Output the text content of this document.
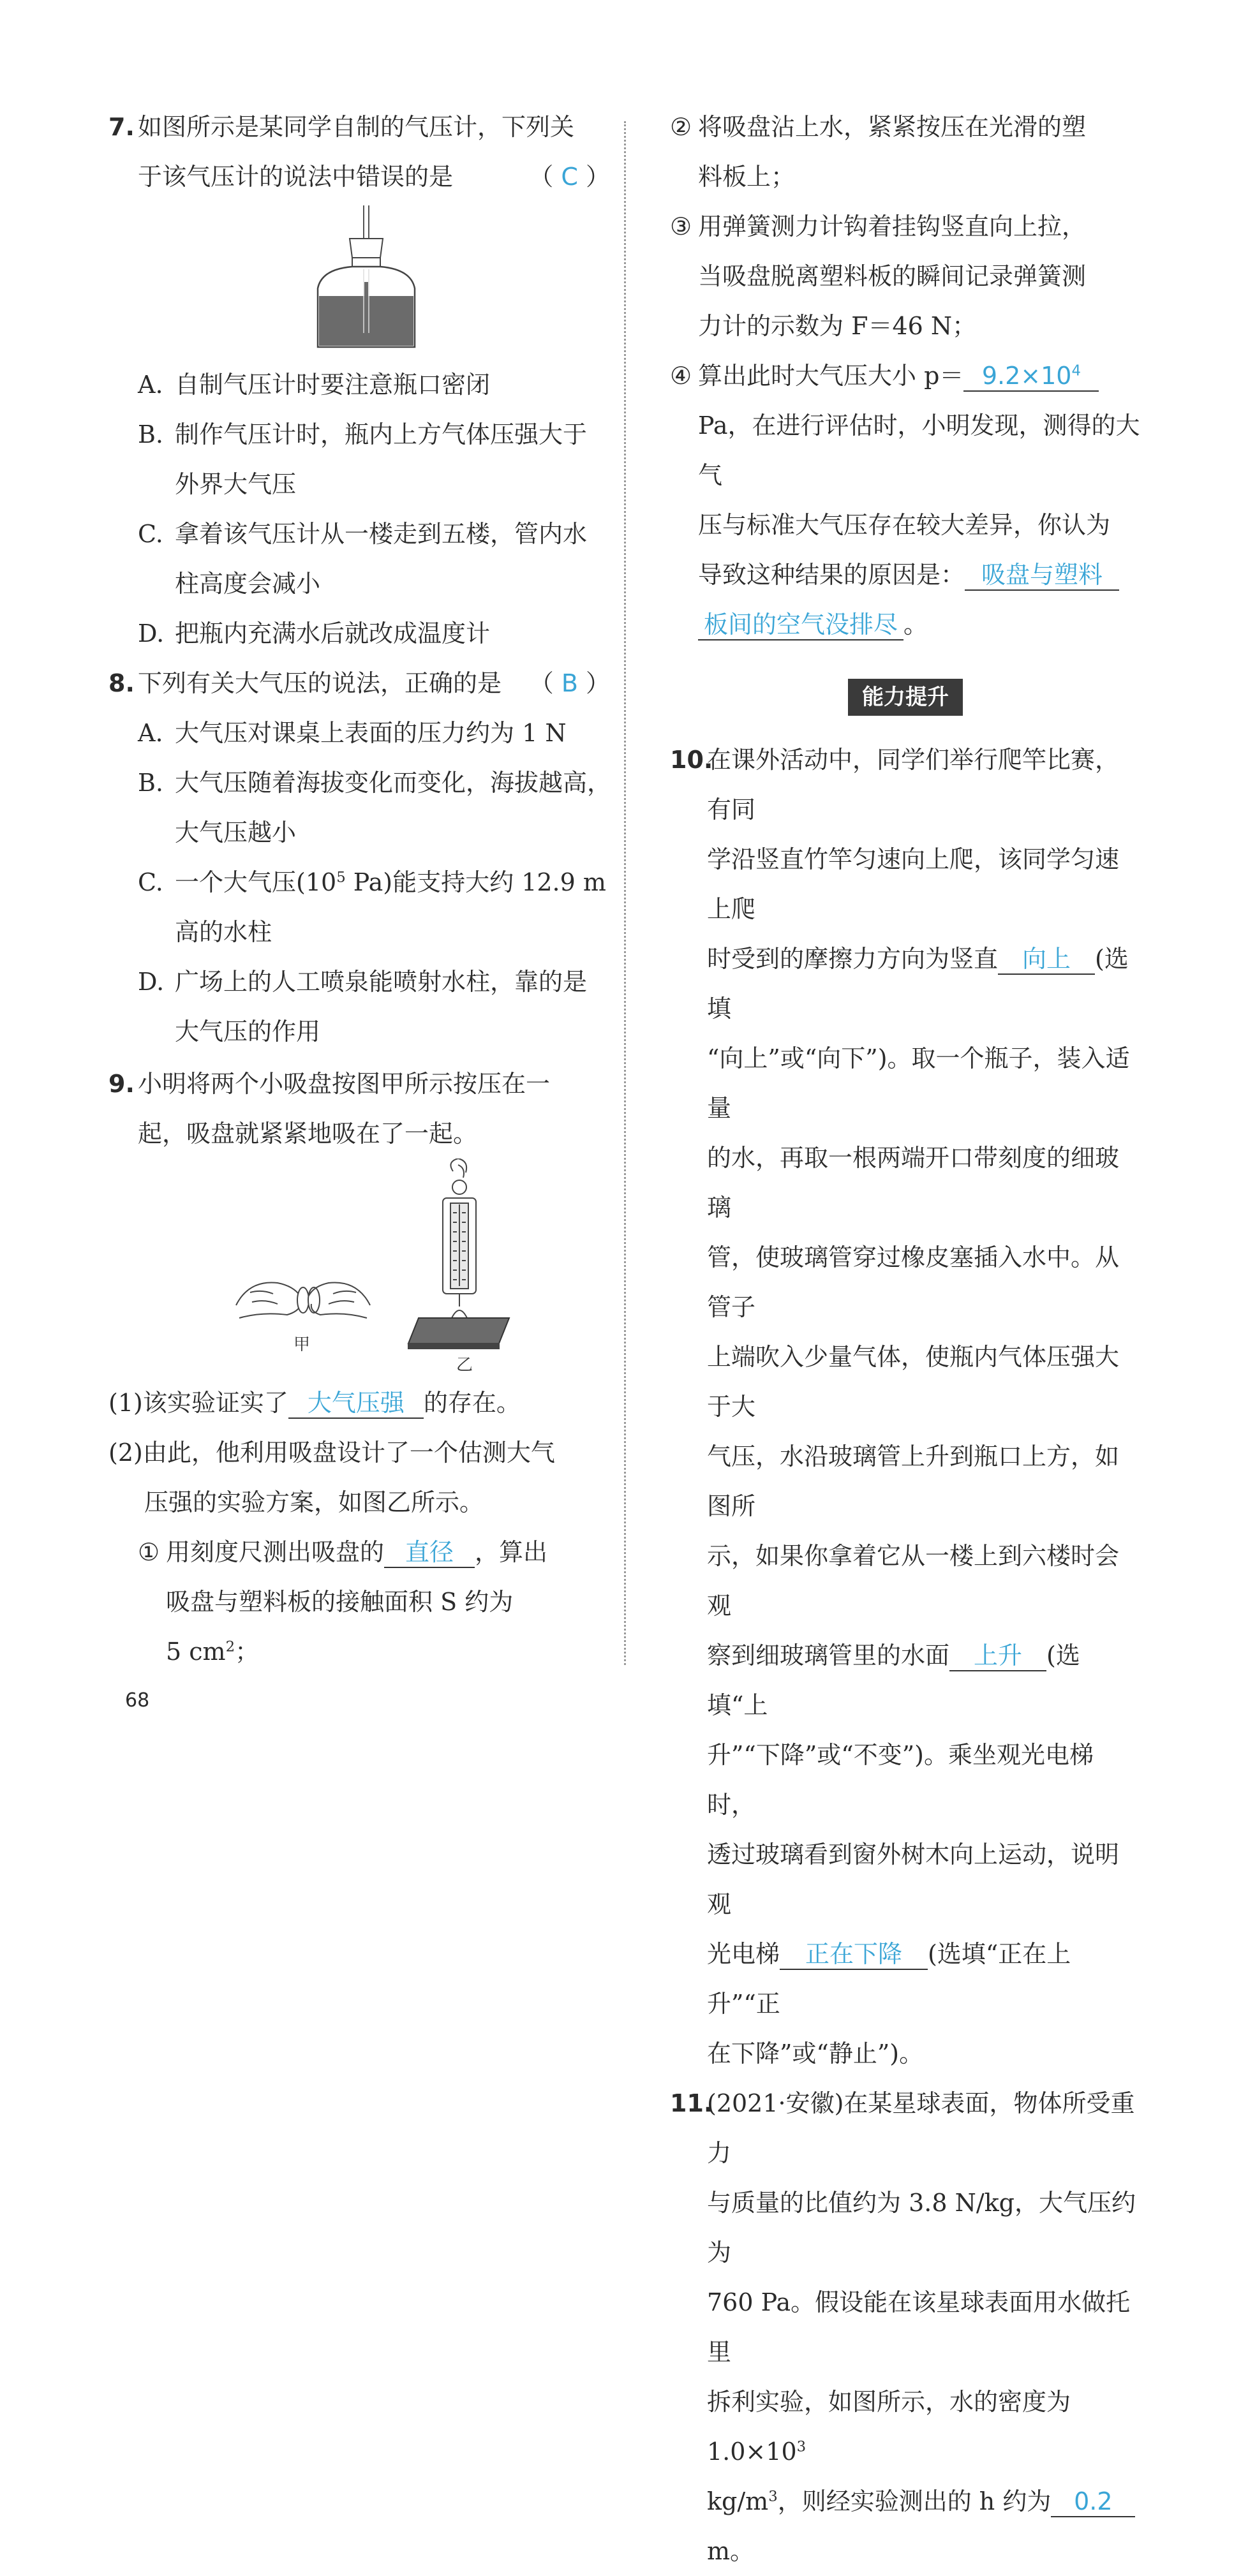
7. 如图所示是某同学自制的气压计，下列关
于该气压计的说法中错误的是	（ C ）
A. 自制气压计时要注意瓶口密闭
B. 制作气压计时，瓶内上方气体压强大于
外界大气压
C. 拿着该气压计从一楼走到五楼，管内水
柱高度会减小
D. 把瓶内充满水后就改成温度计
8. 下列有关大气压的说法，正确的是 （ B ）
A. 大气压对课桌上表面的压力约为 1 N
B. 大气压随着海拔变化而变化，海拔越高，
大气压越小
C. 一个大气压($10^5$ Pa)能支持大约 12.9 m
高的水柱
D. 广场上的人工喷泉能喷射水柱，靠的是
大气压的作用
9. 小明将两个小吸盘按图甲所示按压在一
起，吸盘就紧紧地吸在了一起。
甲
乙
(1)该实验证实了 大气压强 的存在。
(2)由此，他利用吸盘设计了一个估测大气
压强的实验方案，如图乙所示。
① 用刻度尺测出吸盘的 直径 ，算出
吸盘与塑料板的接触面积 S 约为
5 $cm^2$；
② 将吸盘沾上水，紧紧按压在光滑的塑
料板上；
③ 用弹簧测力计钩着挂钩竖直向上拉，
当吸盘脱离塑料板的瞬间记录弹簧测
力计的示数为 F＝46 N；
④ 算出此时大气压大小 $p= 9.2\times 10^4$
Pa，在进行评估时，小明发现，测得的大气
压与标准大气压存在较大差异，你认为
导致这种结果的原因是： 吸盘与塑料
板间的空气没排尽 。
能力提升
10.
在课外活动中，同学们举行爬竿比赛，有同
学沿竖直竹竿匀速向上爬，该同学匀速上爬
时受到的摩擦力方向为竖直 向上 (选填
“向上”或“向下”)。取一个瓶子，装入适量
的水，再取一根两端开口带刻度的细玻璃
管，使玻璃管穿过橡皮塞插入水中。从管子
上端吹入少量气体，使瓶内气体压强大于大
气压，水沿玻璃管上升到瓶口上方，如图所
示，如果你拿着它从一楼上到六楼时会观
察到细玻璃管里的水面 上升 (选填“上
升”“下降”或“不变”)。乘坐观光电梯时，
透过玻璃看到窗外树木向上运动，说明观
光电梯 正在下降 (选填“正在上升”“正
在下降”或“静止”)。
11.
(2021·安徽)在某星球表面，物体所受重力
与质量的比值约为 3.8 N/kg，大气压约为
760 Pa。假设能在该星球表面用水做托里
拆利实验，如图所示，水的密度为 $1.0\times 10^3$
$kg/m^3$，则经实验测出的 h 约为 0.2m。
68
